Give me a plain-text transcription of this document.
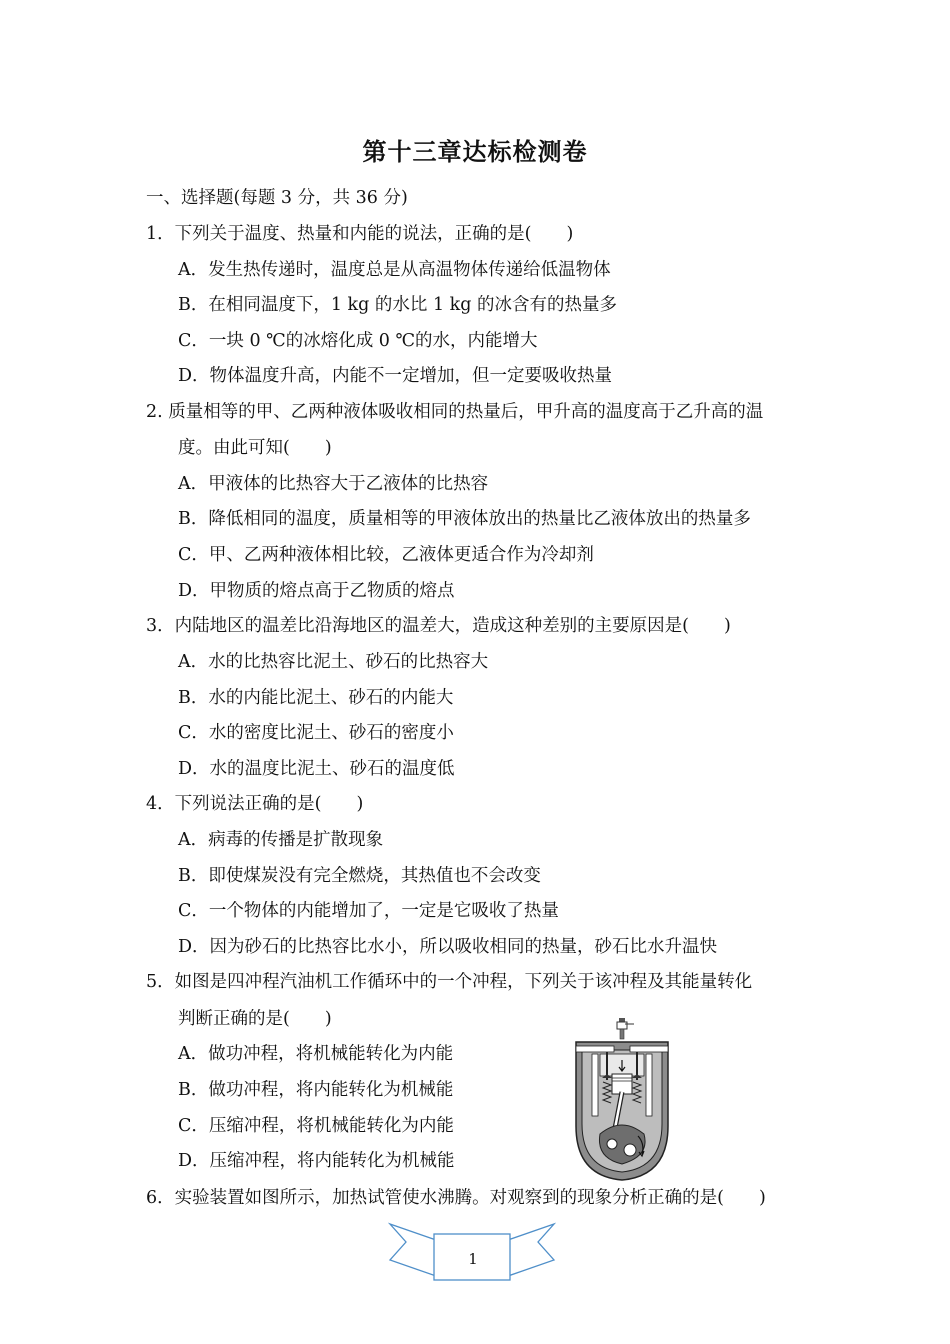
第十三章达标检测卷
一、选择题(每题 3 分，共 36 分)
1．下列关于温度、热量和内能的说法，正确的是(　　)
A．发生热传递时，温度总是从高温物体传递给低温物体
B．在相同温度下，1 kg 的水比 1 kg 的冰含有的热量多
C．一块 0 ℃的冰熔化成 0 ℃的水，内能增大
D．物体温度升高，内能不一定增加，但一定要吸收热量
2. 质量相等的甲、乙两种液体吸收相同的热量后，甲升高的温度高于乙升高的温
度。由此可知(　　)
A．甲液体的比热容大于乙液体的比热容
B．降低相同的温度，质量相等的甲液体放出的热量比乙液体放出的热量多
C．甲、乙两种液体相比较，乙液体更适合作为冷却剂
D．甲物质的熔点高于乙物质的熔点
3．内陆地区的温差比沿海地区的温差大，造成这种差别的主要原因是(　　)
A．水的比热容比泥土、砂石的比热容大
B．水的内能比泥土、砂石的内能大
C．水的密度比泥土、砂石的密度小
D．水的温度比泥土、砂石的温度低
4．下列说法正确的是(　　)
A．病毒的传播是扩散现象
B．即使煤炭没有完全燃烧，其热值也不会改变
C．一个物体的内能增加了，一定是它吸收了热量
D．因为砂石的比热容比水小，所以吸收相同的热量，砂石比水升温快
5．如图是四冲程汽油机工作循环中的一个冲程，下列关于该冲程及其能量转化
判断正确的是(　　)
A．做功冲程，将机械能转化为内能
B．做功冲程，将内能转化为机械能
C．压缩冲程，将机械能转化为内能
D．压缩冲程，将内能转化为机械能
6．实验装置如图所示，加热试管使水沸腾。对观察到的现象分析正确的是(　　)
1
